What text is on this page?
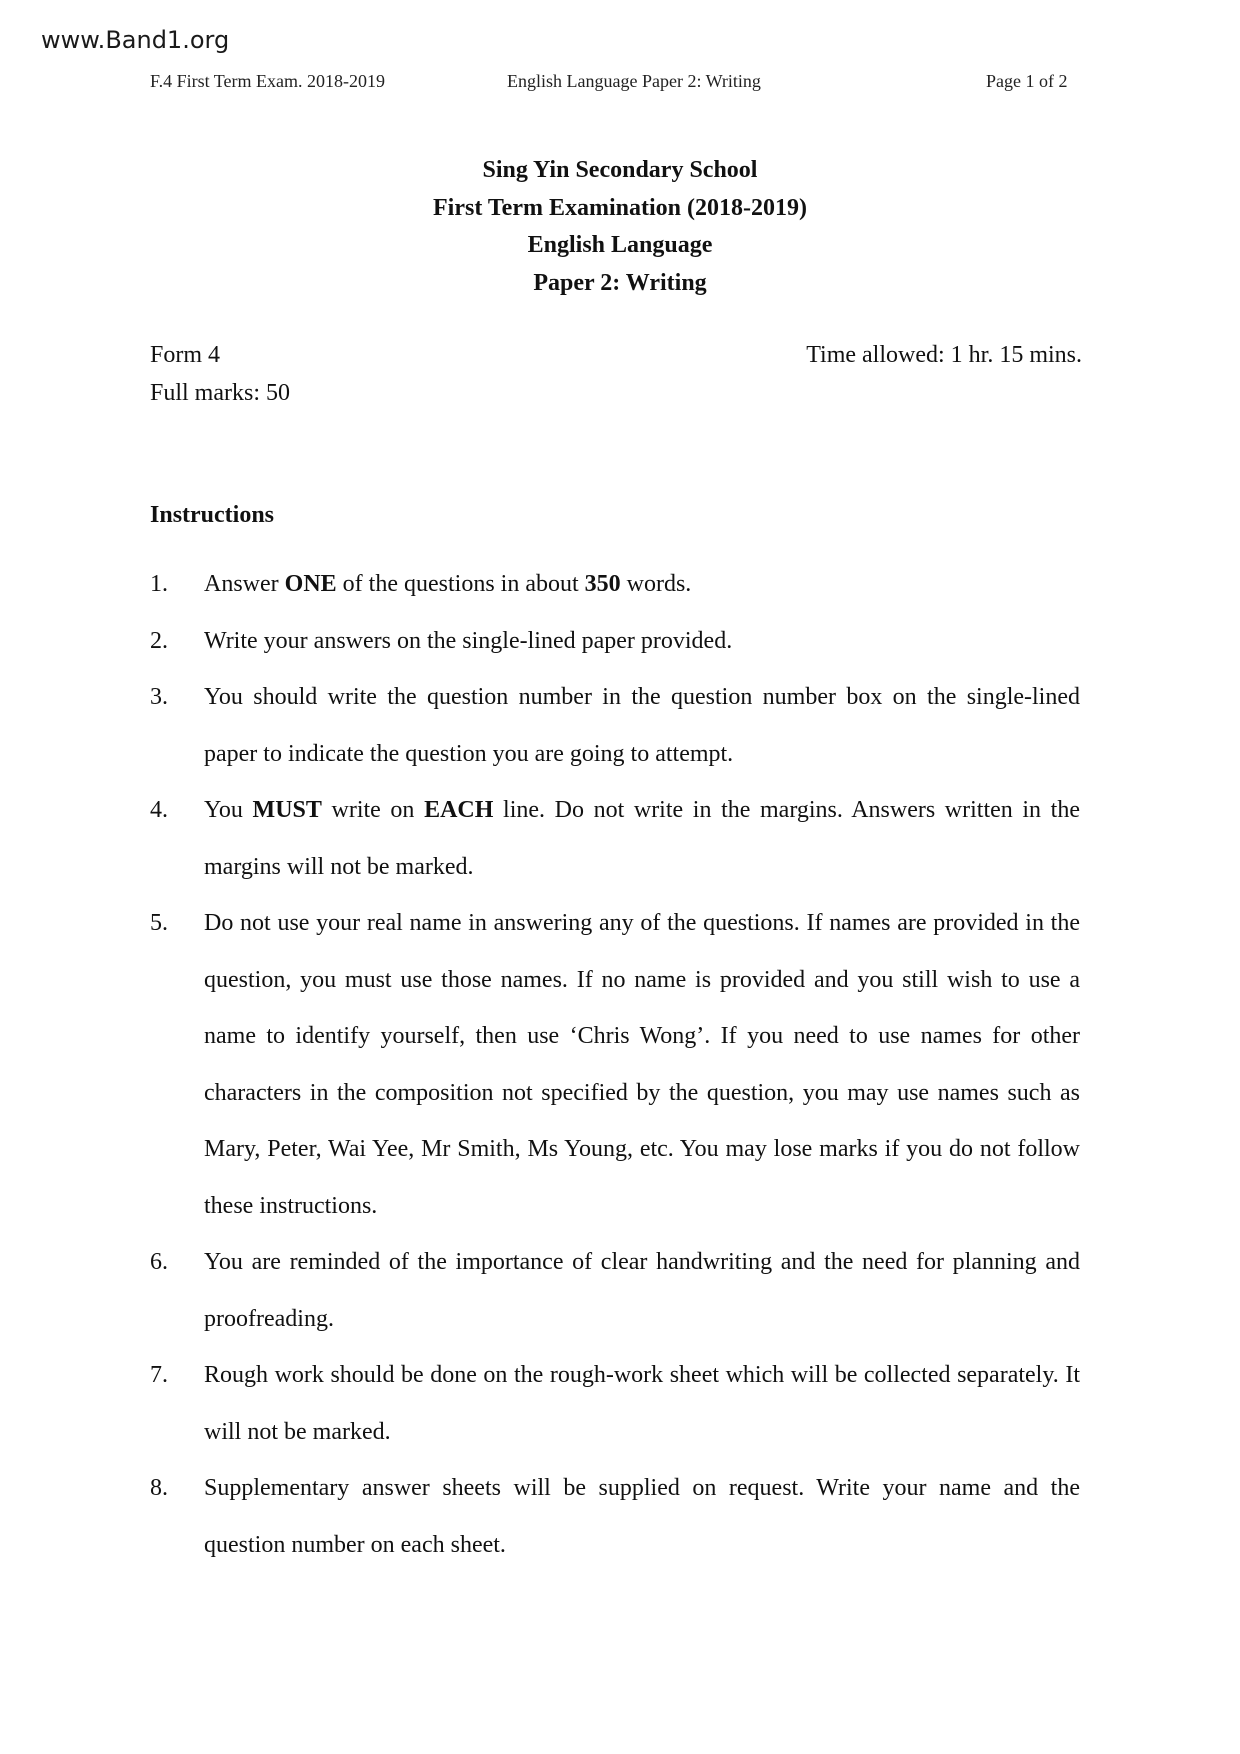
www.Band1.org
F.4 First Term Exam. 2018-2019	English Language Paper 2: Writing	Page 1 of 2
Sing Yin Secondary School
First Term Examination (2018-2019)
English Language
Paper 2: Writing
Form 4
Full marks: 50
Time allowed: 1 hr. 15 mins.
Instructions
1. Answer ONE of the questions in about 350 words.
2. Write your answers on the single-lined paper provided.
3. You should write the question number in the question number box on the single-lined paper to indicate the question you are going to attempt.
4. You MUST write on EACH line. Do not write in the margins. Answers written in the margins will not be marked.
5. Do not use your real name in answering any of the questions. If names are provided in the question, you must use those names. If no name is provided and you still wish to use a name to identify yourself, then use ‘Chris Wong’. If you need to use names for other characters in the composition not specified by the question, you may use names such as Mary, Peter, Wai Yee, Mr Smith, Ms Young, etc. You may lose marks if you do not follow these instructions.
6. You are reminded of the importance of clear handwriting and the need for planning and proofreading.
7. Rough work should be done on the rough-work sheet which will be collected separately. It will not be marked.
8. Supplementary answer sheets will be supplied on request. Write your name and the question number on each sheet.
